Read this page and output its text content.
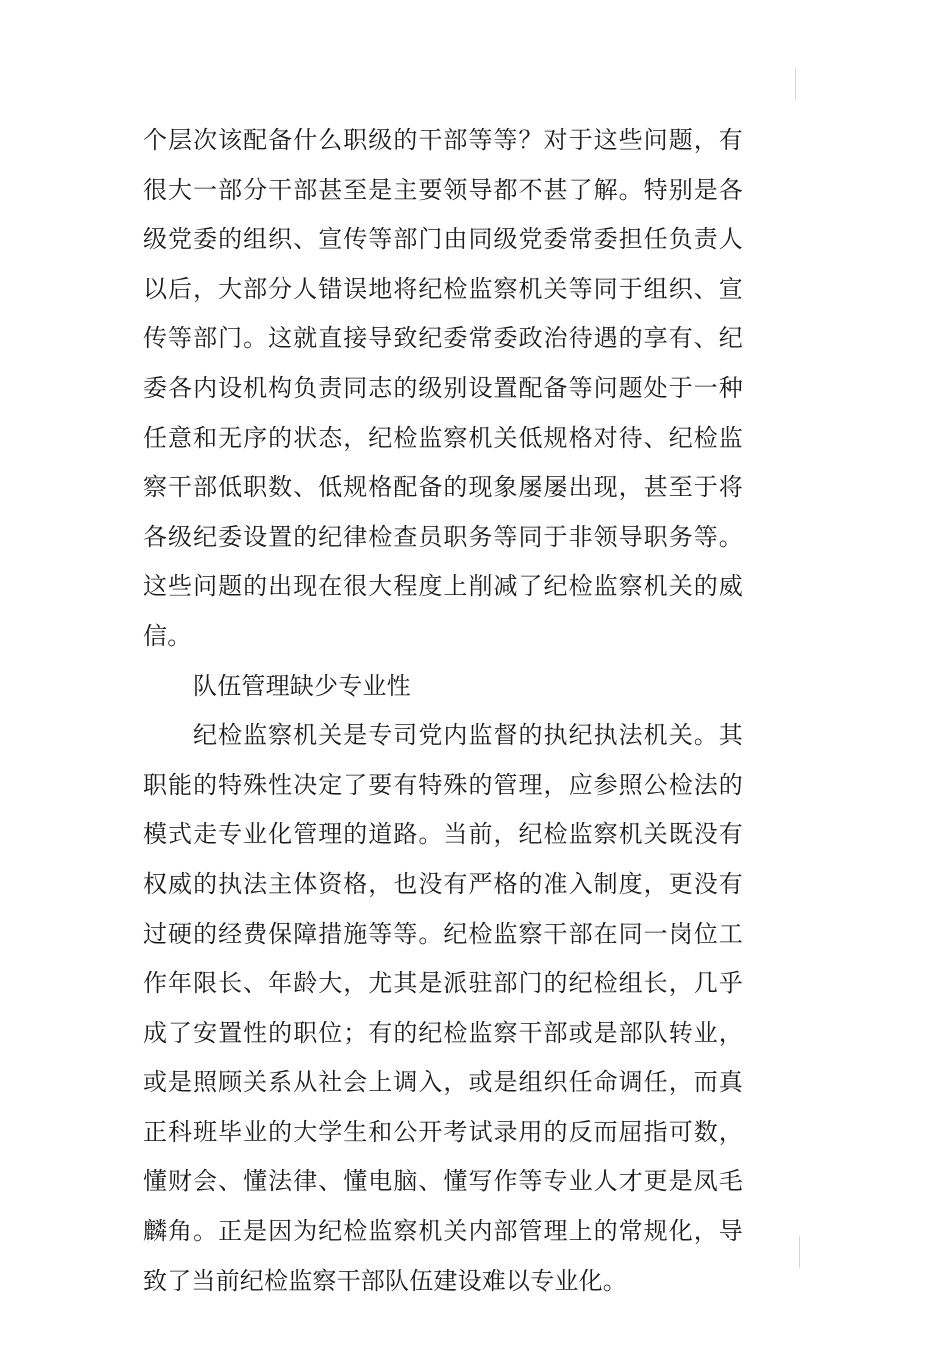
个层次该配备什么职级的干部等等？对于这些问题，有很大一部分干部甚至是主要领导都不甚了解。特别是各级党委的组织、宣传等部门由同级党委常委担任负责人以后，大部分人错误地将纪检监察机关等同于组织、宣传等部门。这就直接导致纪委常委政治待遇的享有、纪委各内设机构负责同志的级别设置配备等问题处于一种任意和无序的状态，纪检监察机关低规格对待、纪检监察干部低职数、低规格配备的现象屡屡出现，甚至于将各级纪委设置的纪律检查员职务等同于非领导职务等。这些问题的出现在很大程度上削减了纪检监察机关的威信。

队伍管理缺少专业性

纪检监察机关是专司党内监督的执纪执法机关。其职能的特殊性决定了要有特殊的管理，应参照公检法的模式走专业化管理的道路。当前，纪检监察机关既没有权威的执法主体资格，也没有严格的准入制度，更没有过硬的经费保障措施等等。纪检监察干部在同一岗位工作年限长、年龄大，尤其是派驻部门的纪检组长，几乎成了安置性的职位；有的纪检监察干部或是部队转业，或是照顾关系从社会上调入，或是组织任命调任，而真正科班毕业的大学生和公开考试录用的反而屈指可数，懂财会、懂法律、懂电脑、懂写作等专业人才更是凤毛麟角。正是因为纪检监察机关内部管理上的常规化，导致了当前纪检监察干部队伍建设难以专业化。
